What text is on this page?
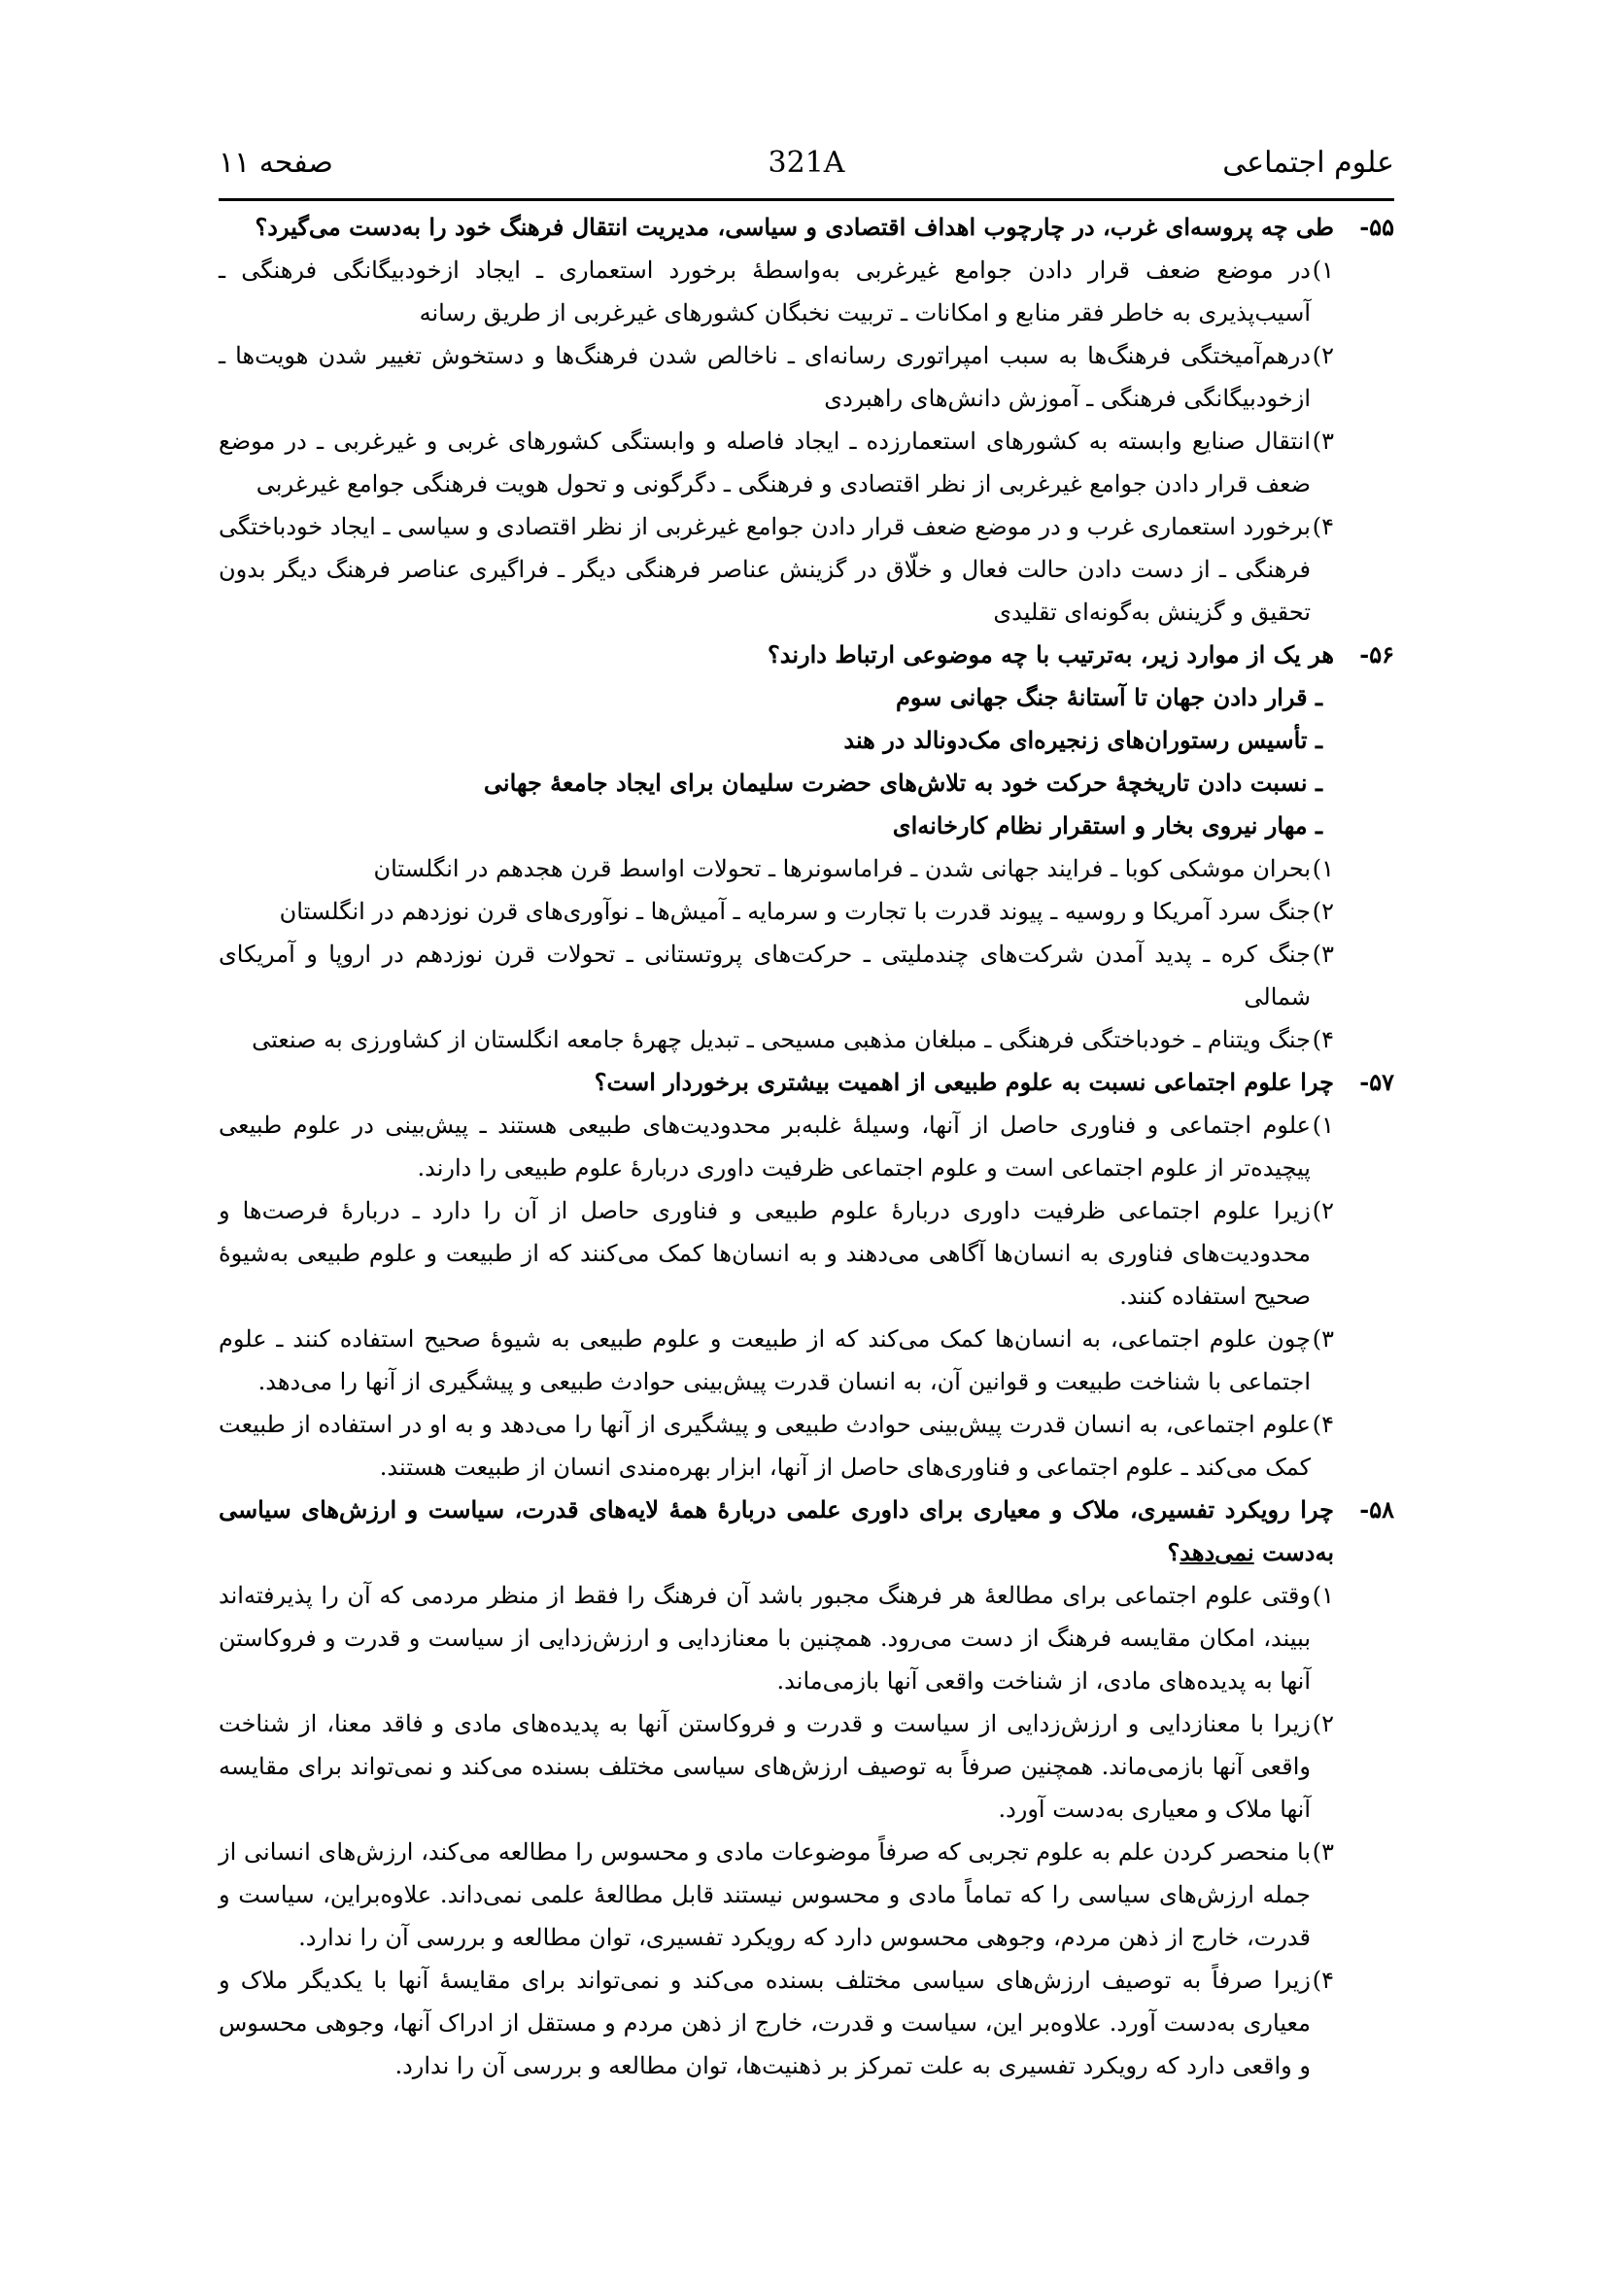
علوم اجتماعی
321A
صفحه ۱۱
۵۵-
طی چه پروسه‌ای غرب، در چارچوب اهداف اقتصادی و سیاسی، مدیریت انتقال فرهنگ خود را به‌دست می‌گیرد؟
۱)
در موضع ضعف قرار دادن جوامع غیرغربی به‌واسطهٔ برخورد استعماری ـ ایجاد ازخودبیگانگی فرهنگی ـ آسیب‌پذیری به خاطر فقر منابع و امکانات ـ تربیت نخبگان کشورهای غیرغربی از طریق رسانه
۲)
درهم‌آمیختگی فرهنگ‌ها به سبب امپراتوری رسانه‌ای ـ ناخالص شدن فرهنگ‌ها و دستخوش تغییر شدن هویت‌ها ـ ازخودبیگانگی فرهنگی ـ آموزش دانش‌های راهبردی
۳)
انتقال صنایع وابسته به کشورهای استعمارزده ـ ایجاد فاصله و وابستگی کشورهای غربی و غیرغربی ـ در موضع ضعف قرار دادن جوامع غیرغربی از نظر اقتصادی و فرهنگی ـ دگرگونی و تحول هویت فرهنگی جوامع غیرغربی
۴)
برخورد استعماری غرب و در موضع ضعف قرار دادن جوامع غیرغربی از نظر اقتصادی و سیاسی ـ ایجاد خودباختگی فرهنگی ـ از دست دادن حالت فعال و خلّاق در گزینش عناصر فرهنگی دیگر ـ فراگیری عناصر فرهنگ دیگر بدون تحقیق و گزینش به‌گونه‌ای تقلیدی
۵۶-
هر یک از موارد زیر، به‌ترتیب با چه موضوعی ارتباط دارند؟
ـ قرار دادن جهان تا آستانهٔ جنگ جهانی سوم
ـ تأسیس رستوران‌های زنجیره‌ای مک‌دونالد در هند
ـ نسبت دادن تاریخچهٔ حرکت خود به تلاش‌های حضرت سلیمان برای ایجاد جامعهٔ جهانی
ـ مهار نیروی بخار و استقرار نظام کارخانه‌ای
۱)
بحران موشکی کوبا ـ فرایند جهانی شدن ـ فراماسونرها ـ تحولات اواسط قرن هجدهم در انگلستان
۲)
جنگ سرد آمریکا و روسیه ـ پیوند قدرت با تجارت و سرمایه ـ آمیش‌ها ـ نوآوری‌های قرن نوزدهم در انگلستان
۳)
جنگ کره ـ پدید آمدن شرکت‌های چندملیتی ـ حرکت‌های پروتستانی ـ تحولات قرن نوزدهم در اروپا و آمریکای شمالی
۴)
جنگ ویتنام ـ خودباختگی فرهنگی ـ مبلغان مذهبی مسیحی ـ تبدیل چهرهٔ جامعه انگلستان از کشاورزی به صنعتی
۵۷-
چرا علوم اجتماعی نسبت به علوم طبیعی از اهمیت بیشتری برخوردار است؟
۱)
علوم اجتماعی و فناوری حاصل از آنها، وسیلهٔ غلبه‌بر محدودیت‌های طبیعی هستند ـ پیش‌بینی در علوم طبیعی پیچیده‌تر از علوم اجتماعی است و علوم اجتماعی ظرفیت داوری دربارهٔ علوم طبیعی را دارند.
۲)
زیرا علوم اجتماعی ظرفیت داوری دربارهٔ علوم طبیعی و فناوری حاصل از آن را دارد ـ دربارهٔ فرصت‌ها و محدودیت‌های فناوری به انسان‌ها آگاهی می‌دهند و به انسان‌ها کمک می‌کنند که از طبیعت و علوم طبیعی به‌شیوهٔ صحیح استفاده کنند.
۳)
چون علوم اجتماعی، به انسان‌ها کمک می‌کند که از طبیعت و علوم طبیعی به شیوهٔ صحیح استفاده کنند ـ علوم اجتماعی با شناخت طبیعت و قوانین آن، به انسان قدرت پیش‌بینی حوادث طبیعی و پیشگیری از آنها را می‌دهد.
۴)
علوم اجتماعی، به انسان قدرت پیش‌بینی حوادث طبیعی و پیشگیری از آنها را می‌دهد و به او در استفاده از طبیعت کمک می‌کند ـ علوم اجتماعی و فناوری‌های حاصل از آنها، ابزار بهره‌مندی انسان از طبیعت هستند.
۵۸-
چرا رویکرد تفسیری، ملاک و معیاری برای داوری علمی دربارهٔ همهٔ لایه‌های قدرت، سیاست و ارزش‌های سیاسی به‌دست نمی‌دهد؟
۱)
وقتی علوم اجتماعی برای مطالعهٔ هر فرهنگ مجبور باشد آن فرهنگ را فقط از منظر مردمی که آن را پذیرفته‌اند ببیند، امکان مقایسه فرهنگ از دست می‌رود. همچنین با معنازدایی و ارزش‌زدایی از سیاست و قدرت و فروکاستن آنها به پدیده‌های مادی، از شناخت واقعی آنها بازمی‌ماند.
۲)
زیرا با معنازدایی و ارزش‌زدایی از سیاست و قدرت و فروکاستن آنها به پدیده‌های مادی و فاقد معنا، از شناخت واقعی آنها بازمی‌ماند. همچنین صرفاً به توصیف ارزش‌های سیاسی مختلف بسنده می‌کند و نمی‌تواند برای مقایسه آنها ملاک و معیاری به‌دست آورد.
۳)
با منحصر کردن علم به علوم تجربی که صرفاً موضوعات مادی و محسوس را مطالعه می‌کند، ارزش‌های انسانی از جمله ارزش‌های سیاسی را که تماماً مادی و محسوس نیستند قابل مطالعهٔ علمی نمی‌داند. علاوه‌براین، سیاست و قدرت، خارج از ذهن مردم، وجوهی محسوس دارد که رویکرد تفسیری، توان مطالعه و بررسی آن را ندارد.
۴)
زیرا صرفاً به توصیف ارزش‌های سیاسی مختلف بسنده می‌کند و نمی‌تواند برای مقایسهٔ آنها با یکدیگر ملاک و معیاری به‌دست آورد. علاوه‌بر این، سیاست و قدرت، خارج از ذهن مردم و مستقل از ادراک آنها، وجوهی محسوس و واقعی دارد که رویکرد تفسیری به علت تمرکز بر ذهنیت‌ها، توان مطالعه و بررسی آن را ندارد.
